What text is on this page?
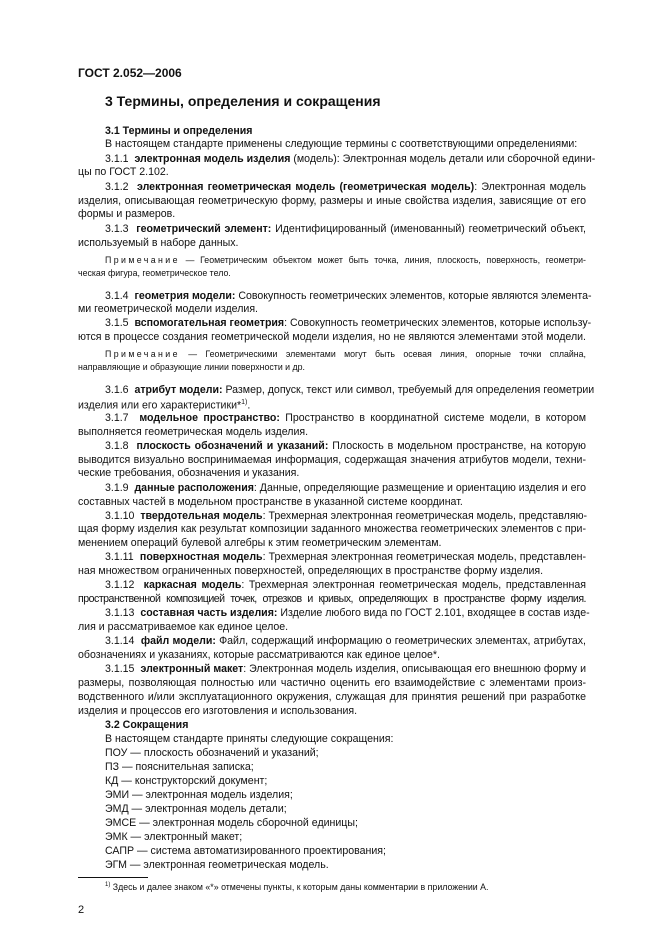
ГОСТ 2.052—2006
3 Термины, определения и сокращения
3.1 Термины и определения
В настоящем стандарте применены следующие термины с соответствующими определениями:
3.1.1 электронная модель изделия (модель): Электронная модель детали или сборочной едини-
цы по ГОСТ 2.102.
3.1.2 электронная геометрическая модель (геометрическая модель): Электронная модель
изделия, описывающая геометрическую форму, размеры и иные свойства изделия, зависящие от его
формы и размеров.
3.1.3 геометрический элемент: Идентифицированный (именованный) геометрический объект,
используемый в наборе данных.
Примечание — Геометрическим объектом может быть точка, линия, плоскость, поверхность, геометри-
ческая фигура, геометрическое тело.
3.1.4 геометрия модели: Совокупность геометрических элементов, которые являются элемента-
ми геометрической модели изделия.
3.1.5 вспомогательная геометрия: Совокупность геометрических элементов, которые использу-
ются в процессе создания геометрической модели изделия, но не являются элементами этой модели.
Примечание — Геометрическими элементами могут быть осевая линия, опорные точки сплайна,
направляющие и образующие линии поверхности и др.
3.1.6 атрибут модели: Размер, допуск, текст или символ, требуемый для определения геометрии
изделия или его характеристики*$^{1)}$.
3.1.7 модельное пространство: Пространство в координатной системе модели, в котором
выполняется геометрическая модель изделия.
3.1.8 плоскость обозначений и указаний: Плоскость в модельном пространстве, на которую
выводится визуально воспринимаемая информация, содержащая значения атрибутов модели, техни-
ческие требования, обозначения и указания.
3.1.9 данные расположения: Данные, определяющие размещение и ориентацию изделия и его
составных частей в модельном пространстве в указанной системе координат.
3.1.10 твердотельная модель: Трехмерная электронная геометрическая модель, представляю-
щая форму изделия как результат композиции заданного множества геометрических элементов с при-
менением операций булевой алгебры к этим геометрическим элементам.
3.1.11 поверхностная модель: Трехмерная электронная геометрическая модель, представлен-
ная множеством ограниченных поверхностей, определяющих в пространстве форму изделия.
3.1.12 каркасная модель: Трехмерная электронная геометрическая модель, представленная
пространственной композицией точек, отрезков и кривых, определяющих в пространстве форму изделия.
3.1.13 составная часть изделия: Изделие любого вида по ГОСТ 2.101, входящее в состав изде-
лия и рассматриваемое как единое целое.
3.1.14 файл модели: Файл, содержащий информацию о геометрических элементах, атрибутах,
обозначениях и указаниях, которые рассматриваются как единое целое*.
3.1.15 электронный макет: Электронная модель изделия, описывающая его внешнюю форму и
размеры, позволяющая полностью или частично оценить его взаимодействие с элементами произ-
водственного и/или эксплуатационного окружения, служащая для принятия решений при разработке
изделия и процессов его изготовления и использования.
3.2 Сокращения
В настоящем стандарте приняты следующие сокращения:
ПОУ — плоскость обозначений и указаний;
ПЗ — пояснительная записка;
КД — конструкторский документ;
ЭМИ — электронная модель изделия;
ЭМД — электронная модель детали;
ЭМСЕ — электронная модель сборочной единицы;
ЭМК — электронный макет;
САПР — система автоматизированного проектирования;
ЭГМ — электронная геометрическая модель.
$^{1)}$ Здесь и далее знаком «*» отмечены пункты, к которым даны комментарии в приложении А.
2
